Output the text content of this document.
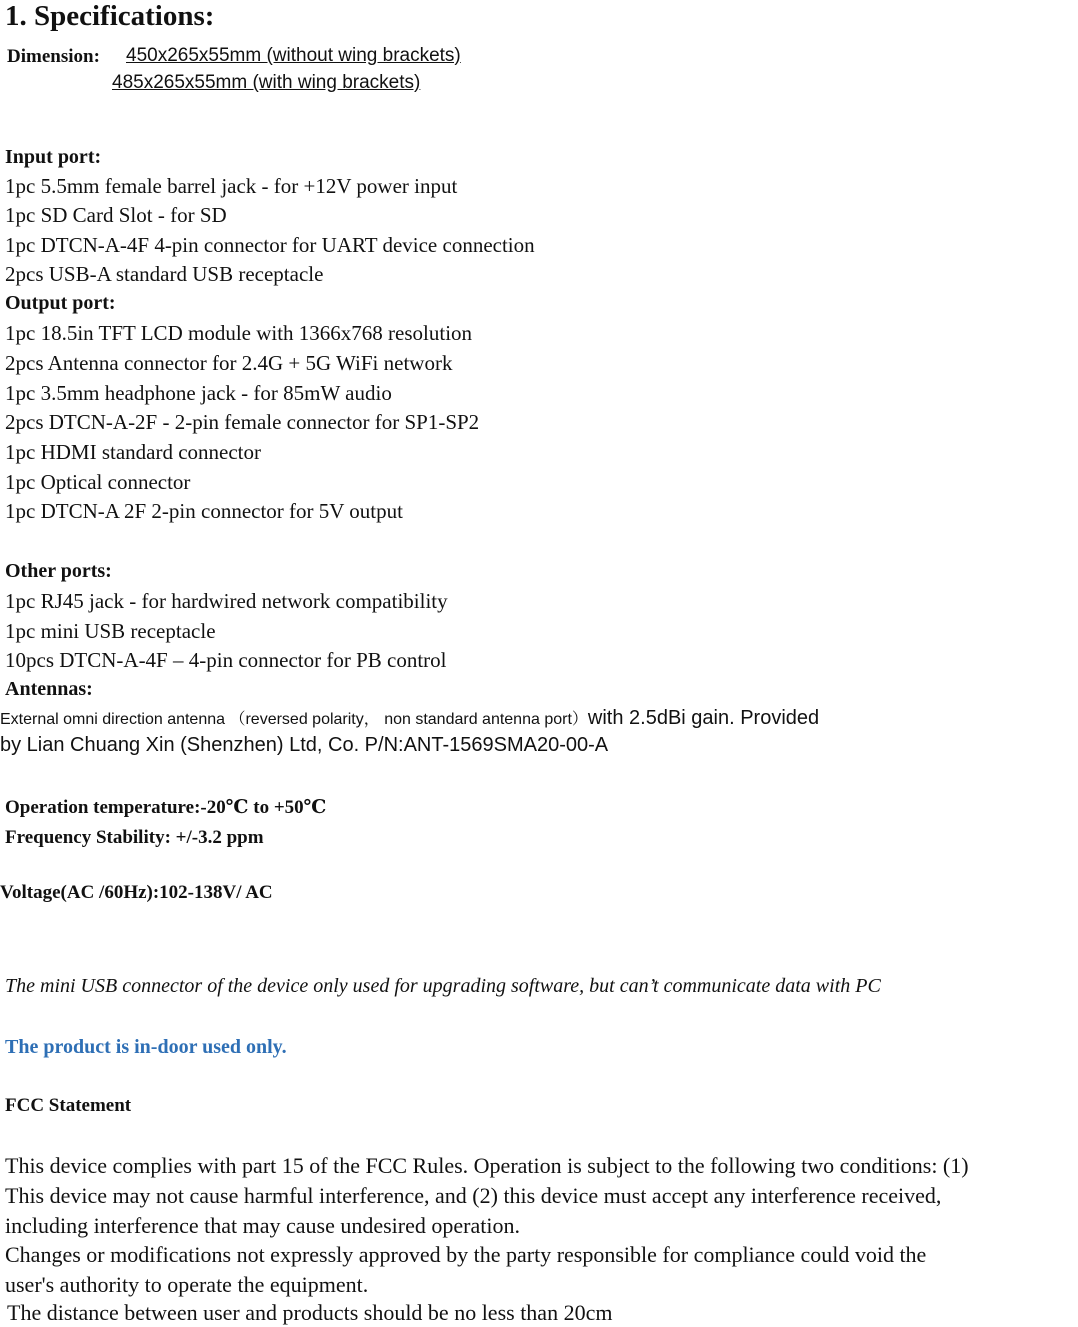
1. Specifications:
Dimension: 450x265x55mm (without wing brackets)
485x265x55mm (with wing brackets)
Input port:
1pc 5.5mm female barrel jack - for +12V power input
1pc SD Card Slot - for SD
1pc DTCN-A-4F 4-pin connector for UART device connection
2pcs USB-A standard USB receptacle
Output port:
1pc 18.5in TFT LCD module with 1366x768 resolution
2pcs Antenna connector for 2.4G + 5G WiFi network
1pc 3.5mm headphone jack - for 85mW audio
2pcs DTCN-A-2F - 2-pin female connector for SP1-SP2
1pc HDMI standard connector
1pc Optical connector
1pc DTCN-A 2F 2-pin connector for 5V output
Other ports:
1pc RJ45 jack - for hardwired network compatibility
1pc mini USB receptacle
10pcs DTCN-A-4F – 4-pin connector for PB control
Antennas:
External omni direction antenna （reversed polarity， non standard antenna port）with 2.5dBi gain. Provided
by Lian Chuang Xin (Shenzhen) Ltd, Co. P/N:ANT-1569SMA20-00-A
Operation temperature:-20℃ to +50℃
Frequency Stability: +/-3.2 ppm
Voltage(AC /60Hz):102-138V/ AC
The mini USB connector of the device only used for upgrading software, but can’t communicate data with PC
The product is in-door used only.
FCC Statement
This device complies with part 15 of the FCC Rules. Operation is subject to the following two conditions: (1)
This device may not cause harmful interference, and (2) this device must accept any interference received,
including interference that may cause undesired operation.
Changes or modifications not expressly approved by the party responsible for compliance could void the
user's authority to operate the equipment.
The distance between user and products should be no less than 20cm
